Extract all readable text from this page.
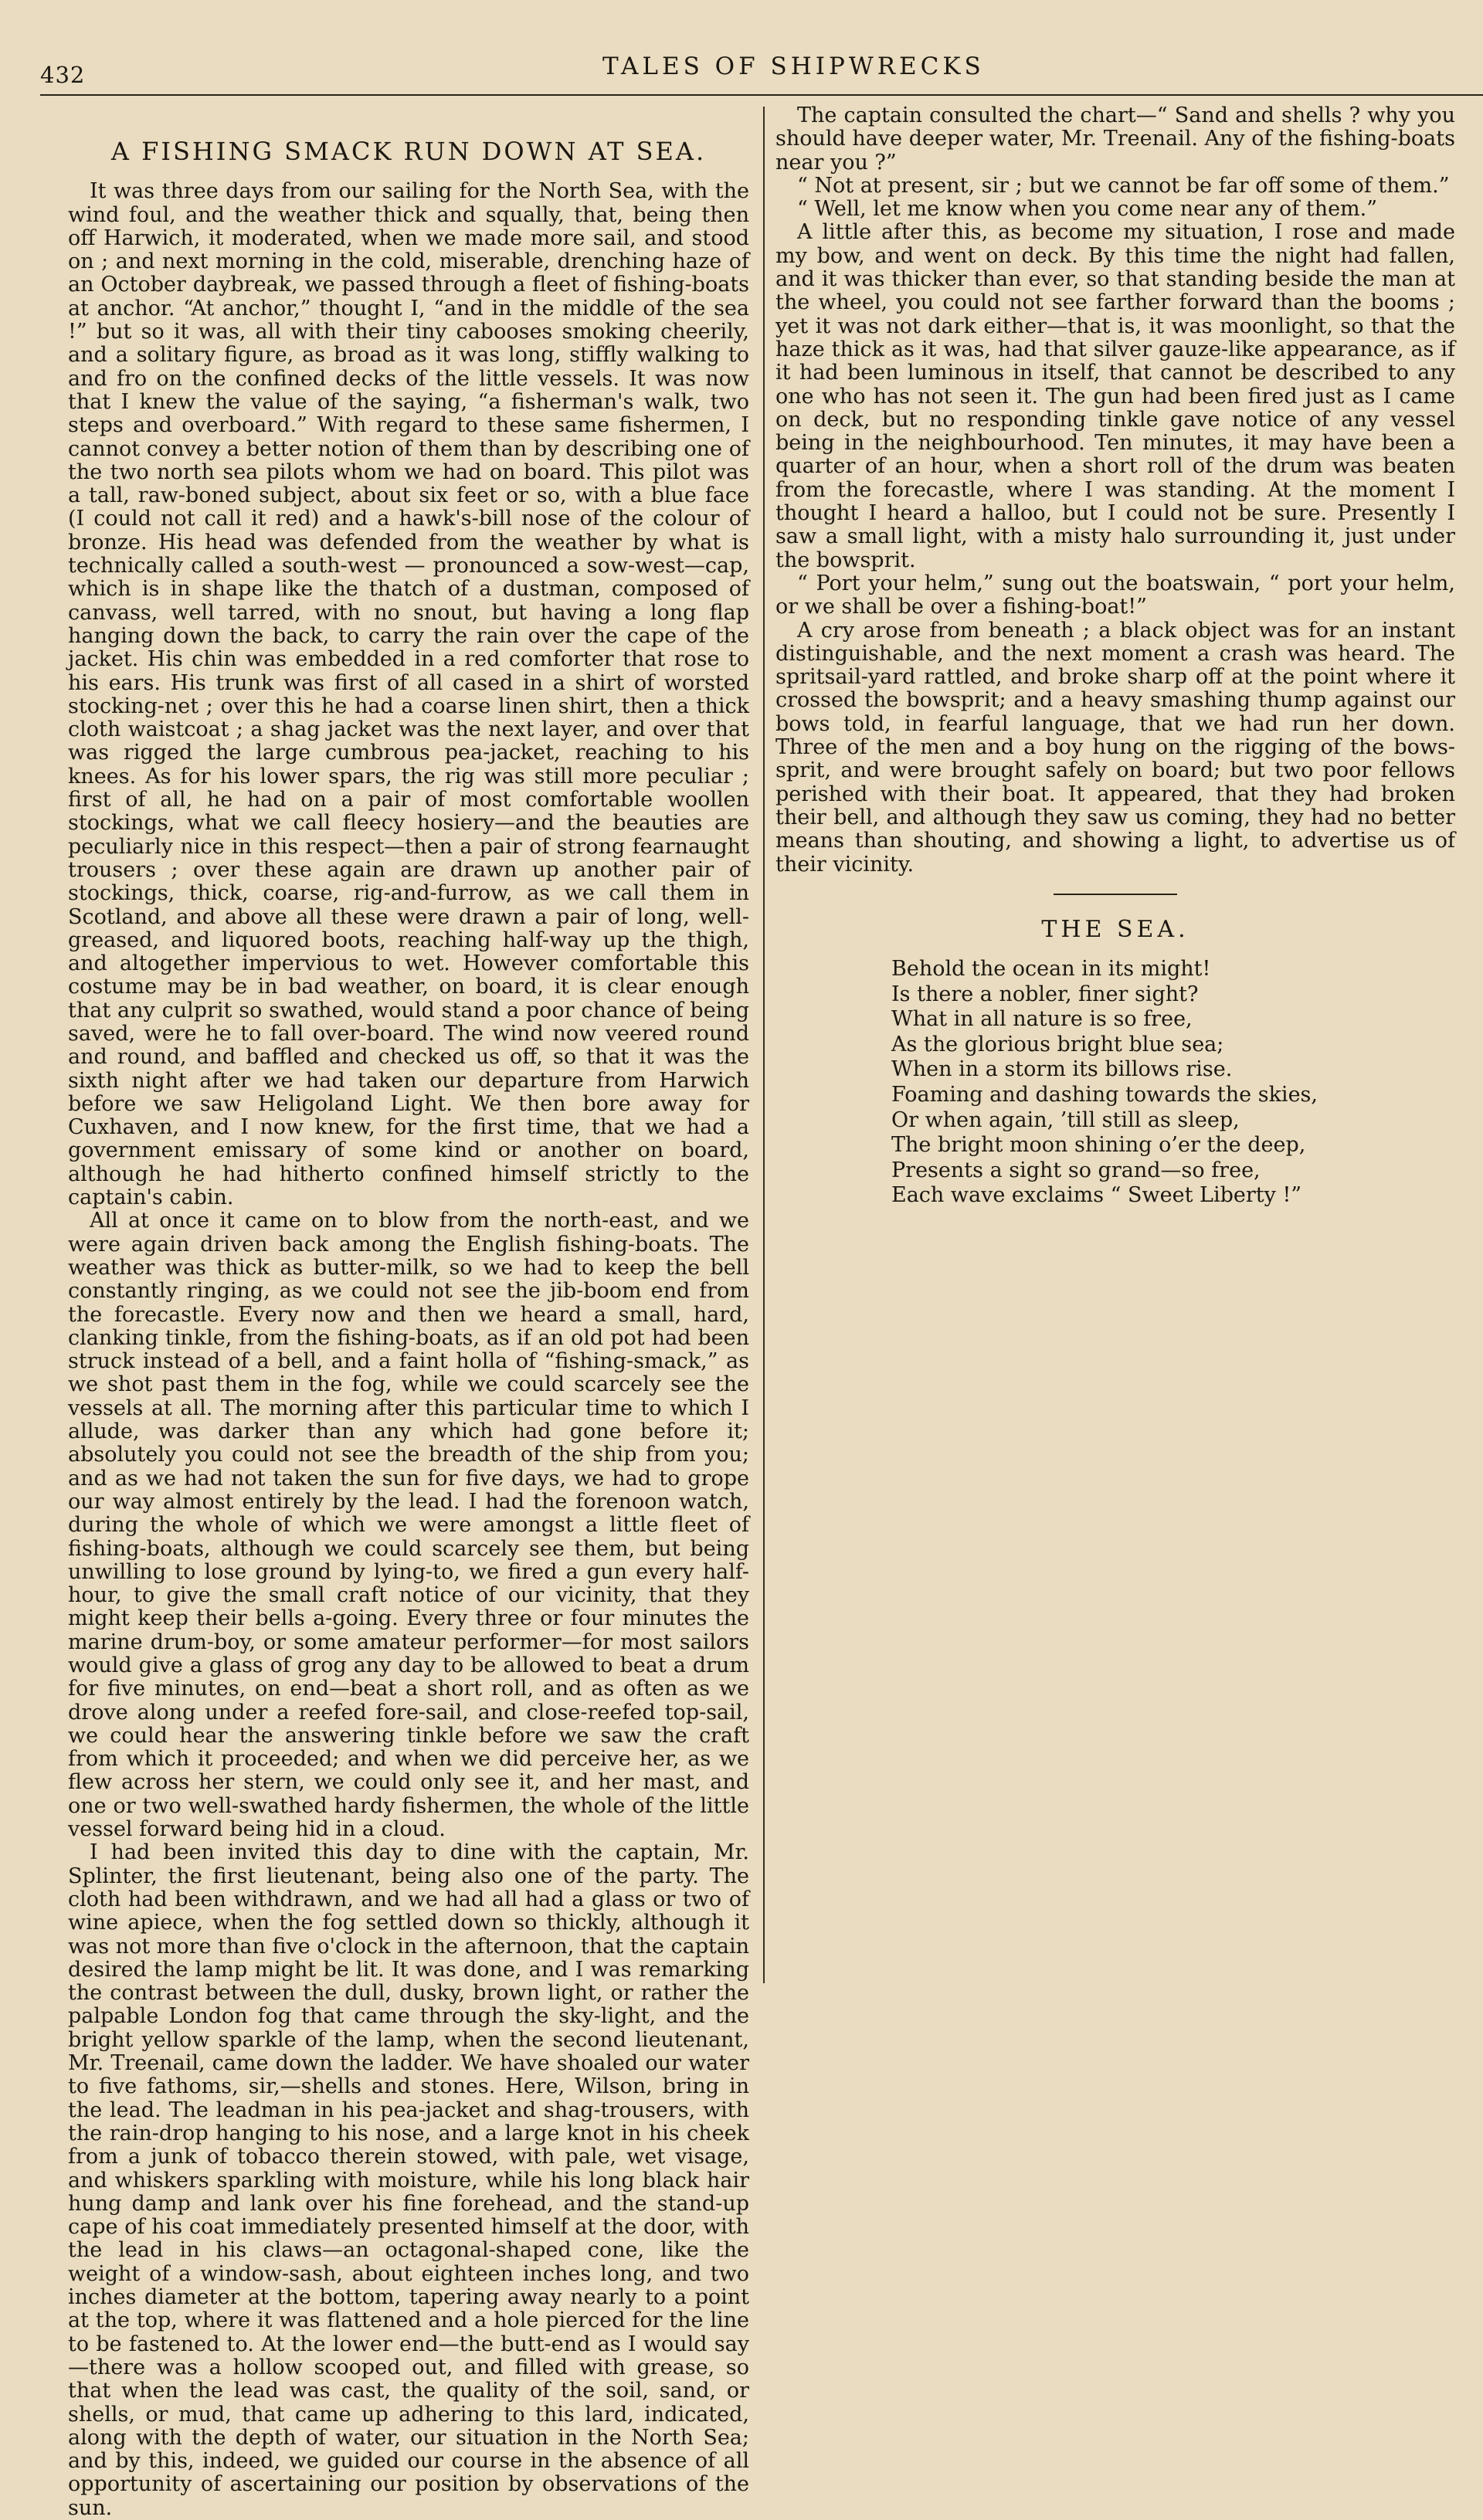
432	TALES OF SHIPWRECKS
A FISHING SMACK RUN DOWN AT SEA.

It was three days from our sailing for the North Sea, with the wind foul, and the weather thick and squally, that, being then off Harwich, it moderated, when we made more sail, and stood on ; and next morning in the cold, miserable, drenching haze of an October daybreak, we passed through a fleet of fishing-boats at anchor. “At anchor,” thought I, “and in the middle of the sea !” but so it was, all with their tiny cabooses smoking cheerily, and a solitary figure, as broad as it was long, stiffly walking to and fro on the confined decks of the little vessels. It was now that I knew the value of the saying, “a fisherman's walk, two steps and overboard.” With regard to these same fishermen, I cannot convey a better notion of them than by describing one of the two north sea pilots whom we had on board. This pilot was a tall, raw-boned subject, about six feet or so, with a blue face (I could not call it red) and a hawk's-bill nose of the colour of bronze. His head was defended from the weather by what is technically called a south-west — pronounced a sow-west—cap, which is in shape like the thatch of a dustman, composed of canvass, well tarred, with no snout, but having a long flap hanging down the back, to carry the rain over the cape of the jacket. His chin was embedded in a red comforter that rose to his ears. His trunk was first of all cased in a shirt of worsted stocking-net ; over this he had a coarse linen shirt, then a thick cloth waistcoat ; a shag jacket was the next layer, and over that was rigged the large cumbrous pea-jacket, reaching to his knees. As for his lower spars, the rig was still more peculiar ; first of all, he had on a pair of most comfortable woollen stockings, what we call fleecy hosiery—and the beauties are peculiarly nice in this respect—then a pair of strong fearnaught trousers ; over these again are drawn up another pair of stockings, thick, coarse, rig-and-furrow, as we call them in Scotland, and above all these were drawn a pair of long, well-greased, and liquored boots, reaching half-way up the thigh, and altogether impervious to wet. However comfortable this costume may be in bad weather, on board, it is clear enough that any culprit so swathed, would stand a poor chance of being saved, were he to fall over-board. The wind now veered round and round, and baffled and checked us off, so that it was the sixth night after we had taken our departure from Harwich before we saw Heligoland Light. We then bore away for Cuxhaven, and I now knew, for the first time, that we had a government emissary of some kind or another on board, although he had hitherto confined himself strictly to the captain's cabin.

All at once it came on to blow from the north-east, and we were again driven back among the English fishing-boats. The weather was thick as butter-milk, so we had to keep the bell constantly ringing, as we could not see the jib-boom end from the forecastle. Every now and then we heard a small, hard, clanking tinkle, from the fishing-boats, as if an old pot had been struck instead of a bell, and a faint holla of “fishing-smack,” as we shot past them in the fog, while we could scarcely see the vessels at all. The morning after this particular time to which I allude, was darker than any which had gone before it; absolutely you could not see the breadth of the ship from you; and as we had not taken the sun for five days, we had to grope our way almost entirely by the lead. I had the forenoon watch, during the whole of which we were amongst a little fleet of fishing-boats, although we could scarcely see them, but being unwilling to lose ground by lying-to, we fired a gun every half-hour, to give the small craft notice of our vicinity, that they might keep their bells a-going. Every three or four minutes the marine drum-boy, or some amateur performer—for most sailors would give a glass of grog any day to be allowed to beat a drum for five minutes, on end—beat a short roll, and as often as we drove along under a reefed fore-sail, and close-reefed top-sail, we could hear the answering tinkle before we saw the craft from which it proceeded; and when we did perceive her, as we flew across her stern, we could only see it, and her mast, and one or two well-swathed hardy fishermen, the whole of the little vessel forward being hid in a cloud.

I had been invited this day to dine with the captain, Mr. Splinter, the first lieutenant, being also one of the party. The cloth had been withdrawn, and we had all had a glass or two of wine apiece, when the fog settled down so thickly, although it was not more than five o'clock in the afternoon, that the captain desired the lamp might be lit. It was done, and I was remarking the contrast between the dull, dusky, brown light, or rather the palpable London fog that came through the sky-light, and the bright yellow sparkle of the lamp, when the second lieutenant, Mr. Treenail, came down the ladder. We have shoaled our water to five fathoms, sir,—shells and stones. Here, Wilson, bring in the lead. The leadman in his pea-jacket and shag-trousers, with the rain-drop hanging to his nose, and a large knot in his cheek from a junk of tobacco therein stowed, with pale, wet visage, and whiskers sparkling with moisture, while his long black hair hung damp and lank over his fine forehead, and the stand-up cape of his coat immediately presented himself at the door, with the lead in his claws—an octagonal-shaped cone, like the weight of a window-sash, about eighteen inches long, and two inches diameter at the bottom, tapering away nearly to a point at the top, where it was flattened and a hole pierced for the line to be fastened to. At the lower end—the butt-end as I would say—there was a hollow scooped out, and filled with grease, so that when the lead was cast, the quality of the soil, sand, or shells, or mud, that came up adhering to this lard, indicated, along with the depth of water, our situation in the North Sea; and by this, indeed, we guided our course in the absence of all opportunity of ascertaining our position by observations of the sun.

The captain consulted the chart—“ Sand and shells ? why you should have deeper water, Mr. Treenail. Any of the fishing-boats near you ?”

“ Not at present, sir ; but we cannot be far off some of them.”

“ Well, let me know when you come near any of them.”

A little after this, as become my situation, I rose and made my bow, and went on deck. By this time the night had fallen, and it was thicker than ever, so that standing beside the man at the wheel, you could not see farther forward than the booms ; yet it was not dark either—that is, it was moonlight, so that the haze thick as it was, had that silver gauze-like appearance, as if it had been luminous in itself, that cannot be described to any one who has not seen it. The gun had been fired just as I came on deck, but no responding tinkle gave notice of any vessel being in the neighbourhood. Ten minutes, it may have been a quarter of an hour, when a short roll of the drum was beaten from the forecastle, where I was standing. At the moment I thought I heard a halloo, but I could not be sure. Presently I saw a small light, with a misty halo surrounding it, just under the bowsprit.

“ Port your helm,” sung out the boatswain, “ port your helm, or we shall be over a fishing-boat!”

A cry arose from beneath ; a black object was for an instant distinguishable, and the next moment a crash was heard. The spritsail-yard rattled, and broke sharp off at the point where it crossed the bowsprit; and a heavy smashing thump against our bows told, in fearful language, that we had run her down. Three of the men and a boy hung on the rigging of the bows-sprit, and were brought safely on board; but two poor fellows perished with their boat. It appeared, that they had broken their bell, and although they saw us coming, they had no better means than shouting, and showing a light, to advertise us of their vicinity.

THE SEA.
Behold the ocean in its might!
Is there a nobler, finer sight?
What in all nature is so free,
As the glorious bright blue sea;
When in a storm its billows rise.
Foaming and dashing towards the skies,
Or when again, ’till still as sleep,
The bright moon shining o’er the deep,
Presents a sight so grand—so free,
Each wave exclaims “ Sweet Liberty !”
